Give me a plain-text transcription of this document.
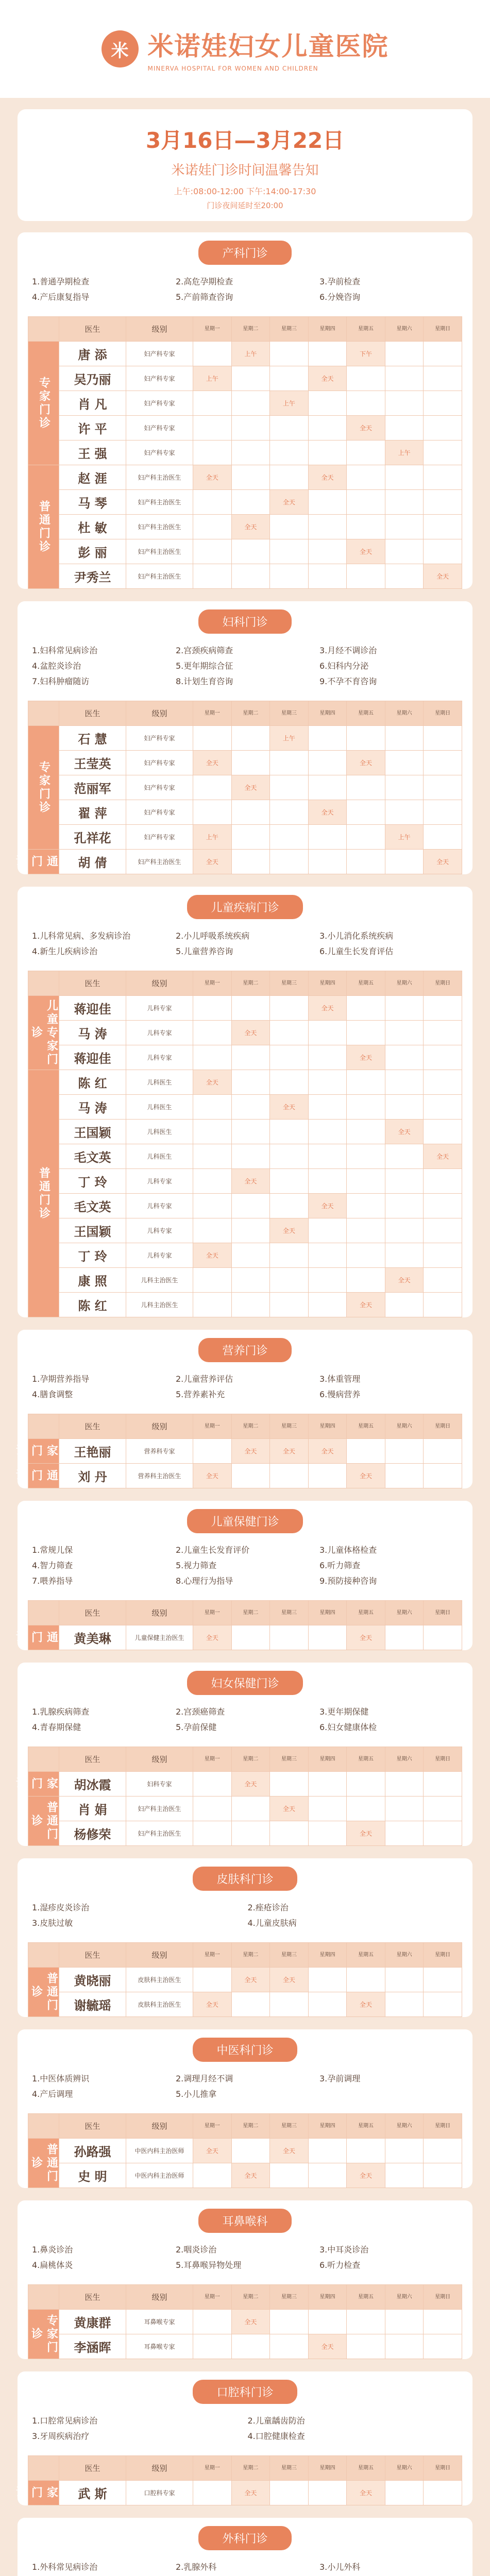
米 米诺娃妇女儿童医院
MINERVA HOSPITAL FOR WOMEN AND CHILDREN
3月16日—3月22日
米诺娃门诊时间温馨告知
上午:08:00-12:00 下午:14:00-17:30
门诊夜间延时至20:00
产科门诊
1.普通孕期检查	2.高危孕期检查	3.孕前检查
4.产后康复指导	5.产前筛查咨询	6.分娩咨询
	医生	级别	星期一	星期二	星期三	星期四	星期五	星期六	星期日
专家门诊	唐 添	妇产科专家		上午			下午		
	吴乃丽	妇产科专家	上午			全天			
	肖 凡	妇产科专家			上午				
	许 平	妇产科专家					全天		
	王 强	妇产科专家						上午	
普通门诊	赵 涯	妇产科主治医生	全天			全天			
	马 琴	妇产科主治医生			全天				
	杜 敏	妇产科主治医生		全天					
	彭 丽	妇产科主治医生					全天		
	尹秀兰	妇产科主治医生							全天
妇科门诊
1.妇科常见病诊治	2.宫颈疾病筛查	3.月经不调诊治
4.盆腔炎诊治	5.更年期综合征	6.妇科内分泌
7.妇科肿瘤随访	8.计划生育咨询	9.不孕不育咨询
	医生	级别	星期一	星期二	星期三	星期四	星期五	星期六	星期日
专家门诊	石 慧	妇产科专家			上午				
	王莹英	妇产科专家	全天				全天		
	范丽军	妇产科专家		全天					
	翟 萍	妇产科专家				全天			
	孔祥花	妇产科专家	上午					上午	
普通门诊	胡 倩	妇产科主治医生	全天						全天
儿童疾病门诊
1.儿科常见病、多发病诊治	2.小儿呼吸系统疾病	3.小儿消化系统疾病
4.新生儿疾病诊治	5.儿童营养咨询	6.儿童生长发育评估
	医生	级别	星期一	星期二	星期三	星期四	星期五	星期六	星期日
儿童专家门诊	蒋迎佳	儿科专家				全天			
	马 涛	儿科专家		全天					
	蒋迎佳	儿科专家					全天		
普通门诊	陈 红	儿科医生	全天						
	马 涛	儿科医生			全天				
	王国颖	儿科医生						全天	
	毛文英	儿科医生							全天
	丁 玲	儿科专家		全天					
	毛文英	儿科专家				全天			
	王国颖	儿科专家			全天				
	丁 玲	儿科专家	全天						
	康 照	儿科主治医生						全天	
	陈 红	儿科主治医生					全天		
营养门诊
1.孕期营养指导	2.儿童营养评估	3.体重管理
4.膳食调整	5.营养素补充	6.慢病营养
	医生	级别	星期一	星期二	星期三	星期四	星期五	星期六	星期日
专家门诊	王艳丽	营养科专家		全天	全天	全天			
普通门诊	刘 丹	营养科主治医生	全天				全天		
儿童保健门诊
1.常规儿保	2.儿童生长发育评价	3.儿童体格检查
4.智力筛查	5.视力筛查	6.听力筛查
7.喂养指导	8.心理行为指导	9.预防接种咨询
	医生	级别	星期一	星期二	星期三	星期四	星期五	星期六	星期日
普通门诊	黄美琳	儿童保健主治医生	全天				全天		
妇女保健门诊
1.乳腺疾病筛查	2.宫颈癌筛查	3.更年期保健
4.青春期保健	5.孕前保健	6.妇女健康体检
	医生	级别	星期一	星期二	星期三	星期四	星期五	星期六	星期日
专家门诊	胡冰霞	妇科专家		全天					
普通门诊	肖 娟	妇产科主治医生			全天				
	杨修荣	妇产科主治医生					全天		
皮肤科门诊
1.湿疹皮炎诊治	2.痤疮诊治
3.皮肤过敏	4.儿童皮肤病
	医生	级别	星期一	星期二	星期三	星期四	星期五	星期六	星期日
普通门诊	黄晓丽	皮肤科主治医生		全天	全天				
	谢毓瑶	皮肤科主治医生	全天				全天		
中医科门诊
1.中医体质辨识	2.调理月经不调	3.孕前调理
4.产后调理	5.小儿推拿
	医生	级别	星期一	星期二	星期三	星期四	星期五	星期六	星期日
普通门诊	孙路强	中医内科主治医师	全天		全天				
	史 明	中医内科主治医师		全天			全天		
耳鼻喉科
1.鼻炎诊治	2.咽炎诊治	3.中耳炎诊治
4.扁桃体炎	5.耳鼻喉异物处理	6.听力检查
	医生	级别	星期一	星期二	星期三	星期四	星期五	星期六	星期日
专家门诊	黄康群	耳鼻喉专家		全天					
	李涵晖	耳鼻喉专家				全天			
口腔科门诊
1.口腔常见病诊治	2.儿童龋齿防治
3.牙周疾病治疗	4.口腔健康检查
	医生	级别	星期一	星期二	星期三	星期四	星期五	星期六	星期日
专家门诊	武 斯	口腔科专家		全天			全天		
外科门诊
1.外科常见病诊治	2.乳腺外科	3.小儿外科
